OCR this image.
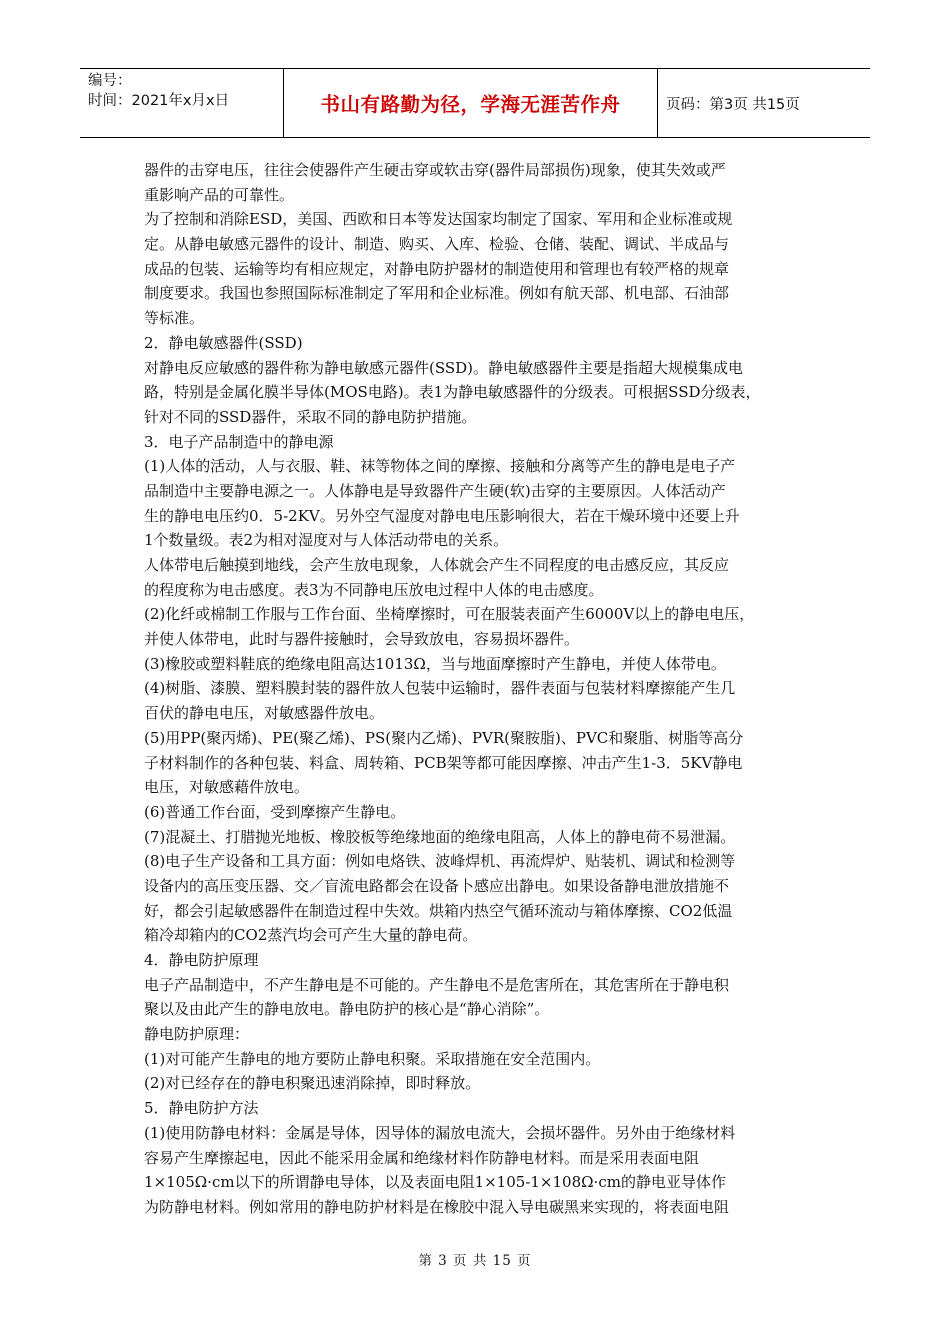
编号：
时间：2021年x月x日	书山有路勤为径，学海无涯苦作舟	页码：第3页 共15页
器件的击穿电压，往往会使器件产生硬击穿或软击穿(器件局部损伤)现象，使其失效或严
重影响产品的可靠性。
为了控制和消除ESD，美国、西欧和日本等发达国家均制定了国家、军用和企业标准或规
定。从静电敏感元器件的设计、制造、购买、入库、检验、仓储、装配、调试、半成品与
成品的包装、运输等均有相应规定，对静电防护器材的制造使用和管理也有较严格的规章
制度要求。我国也参照国际标准制定了军用和企业标准。例如有航天部、机电部、石油部
等标准。
2．静电敏感器件(SSD)
对静电反应敏感的器件称为静电敏感元器件(SSD)。静电敏感器件主要是指超大规模集成电
路，特别是金属化膜半导体(MOS电路)。表1为静电敏感器件的分级表。可根据SSD分级表，
针对不同的SSD器件，采取不同的静电防护措施。
3．电子产品制造中的静电源
(1)人体的活动，人与衣服、鞋、袜等物体之间的摩擦、接触和分离等产生的静电是电子产
品制造中主要静电源之一。人体静电是导致器件产生硬(软)击穿的主要原因。人体活动产
生的静电电压约0．5-2KV。另外空气湿度对静电电压影响很大，若在干燥环境中还要上升
1个数量级。表2为相对湿度对与人体活动带电的关系。
人体带电后触摸到地线，会产生放电现象，人体就会产生不同程度的电击感反应，其反应
的程度称为电击感度。表3为不同静电压放电过程中人体的电击感度。
(2)化纤或棉制工作服与工作台面、坐椅摩擦时，可在服装表面产生6000V以上的静电电压，
并使人体带电，此时与器件接触时，会导致放电，容易损坏器件。
(3)橡胶或塑料鞋底的绝缘电阻高达1013Ω，当与地面摩擦时产生静电，并使人体带电。
(4)树脂、漆膜、塑料膜封装的器件放人包装中运输时，器件表面与包装材料摩擦能产生几
百伏的静电电压，对敏感器件放电。
(5)用PP(聚丙烯)、PE(聚乙烯)、PS(聚内乙烯)、PVR(聚胺脂)、PVC和聚脂、树脂等高分
子材料制作的各种包装、料盒、周转箱、PCB架等都可能因摩擦、冲击产生1-3．5KV静电
电压，对敏感藉件放电。
(6)普通工作台面，受到摩擦产生静电。
(7)混凝土、打腊抛光地板、橡胶板等绝缘地面的绝缘电阻高，人体上的静电荷不易泄漏。
(8)电子生产设备和工具方面：例如电烙铁、波峰焊机、再流焊炉、贴装机、调试和检测等
设备内的高压变压器、交／盲流电路都会在设备卜感应出静电。如果设备静电泄放措施不
好，都会引起敏感器件在制造过程中失效。烘箱内热空气循环流动与箱体摩擦、CO2低温
箱冷却箱内的CO2蒸汽均会可产生大量的静电荷。
4．静电防护原理
电子产品制造中，不产生静电是不可能的。产生静电不是危害所在，其危害所在于静电积
聚以及由此产生的静电放电。静电防护的核心是“静心消除”。
静电防护原理：
(1)对可能产生静电的地方要防止静电积聚。采取措施在安全范围内。
(2)对已经存在的静电积聚迅速消除掉，即时释放。
5．静电防护方法
(1)使用防静电材料：金属是导体，因导体的漏放电流大，会损坏器件。另外由于绝缘材料
容易产生摩擦起电，因此不能采用金属和绝缘材料作防静电材料。而是采用表面电阻
1×105Ω·cm以下的所谓静电导体，以及表面电阻1×105-1×108Ω·cm的静电亚导体作
为防静电材料。例如常用的静电防护材料是在橡胶中混入导电碳黑来实现的，将表面电阻
第 3 页 共 15 页
